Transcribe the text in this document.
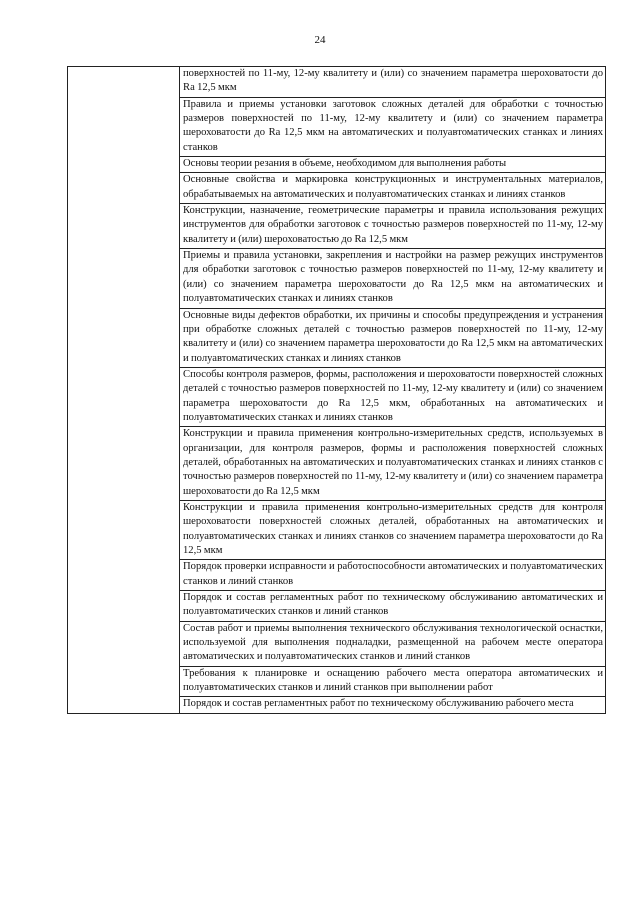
24
	поверхностей по 11-му, 12-му квалитету и (или) со значением параметра шероховатости до Ra 12,5 мкм
Правила и приемы установки заготовок сложных деталей для обработки с точностью размеров поверхностей по 11-му, 12-му квалитету и (или) со значением параметра шероховатости до Ra 12,5 мкм на автоматических и полуавтоматических станках и линиях станков
Основы теории резания в объеме, необходимом для выполнения работы
Основные свойства и маркировка конструкционных и инструментальных материалов, обрабатываемых на автоматических и полуавтоматических станках и линиях станков
Конструкции, назначение, геометрические параметры и правила использования режущих инструментов для обработки заготовок с точностью размеров поверхностей по 11-му, 12-му квалитету и (или) шероховатостью до Ra 12,5 мкм
Приемы и правила установки, закрепления и настройки на размер режущих инструментов для обработки заготовок с точностью размеров поверхностей по 11-му, 12-му квалитету и (или) со значением параметра шероховатости до Ra 12,5 мкм на автоматических и полуавтоматических станках и линиях станков
Основные виды дефектов обработки, их причины и способы предупреждения и устранения при обработке сложных деталей с точностью размеров поверхностей по 11-му, 12-му квалитету и (или) со значением параметра шероховатости до Ra 12,5 мкм на автоматических и полуавтоматических станках и линиях станков
Способы контроля размеров, формы, расположения и шероховатости поверхностей сложных деталей с точностью размеров поверхностей по 11-му, 12-му квалитету и (или) со значением параметра шероховатости до Ra 12,5 мкм, обработанных на автоматических и полуавтоматических станках и линиях станков
Конструкции и правила применения контрольно-измерительных средств, используемых в организации, для контроля размеров, формы и расположения поверхностей сложных деталей, обработанных на автоматических и полуавтоматических станках и линиях станков с точностью размеров поверхностей по 11-му, 12-му квалитету и (или) со значением параметра шероховатости до Ra 12,5 мкм
Конструкции и правила применения контрольно-измерительных средств для контроля шероховатости поверхностей сложных деталей, обработанных на автоматических и полуавтоматических станках и линиях станков со значением параметра шероховатости до Ra 12,5 мкм
Порядок проверки исправности и работоспособности автоматических и полуавтоматических станков и линий станков
Порядок и состав регламентных работ по техническому обслуживанию автоматических и полуавтоматических станков и линий станков
Состав работ и приемы выполнения технического обслуживания технологической оснастки, используемой для выполнения подналадки, размещенной на рабочем месте оператора автоматических и полуавтоматических станков и линий станков
Требования к планировке и оснащению рабочего места оператора автоматических и полуавтоматических станков и линий станков при выполнении работ
Порядок и состав регламентных работ по техническому обслуживанию рабочего места
